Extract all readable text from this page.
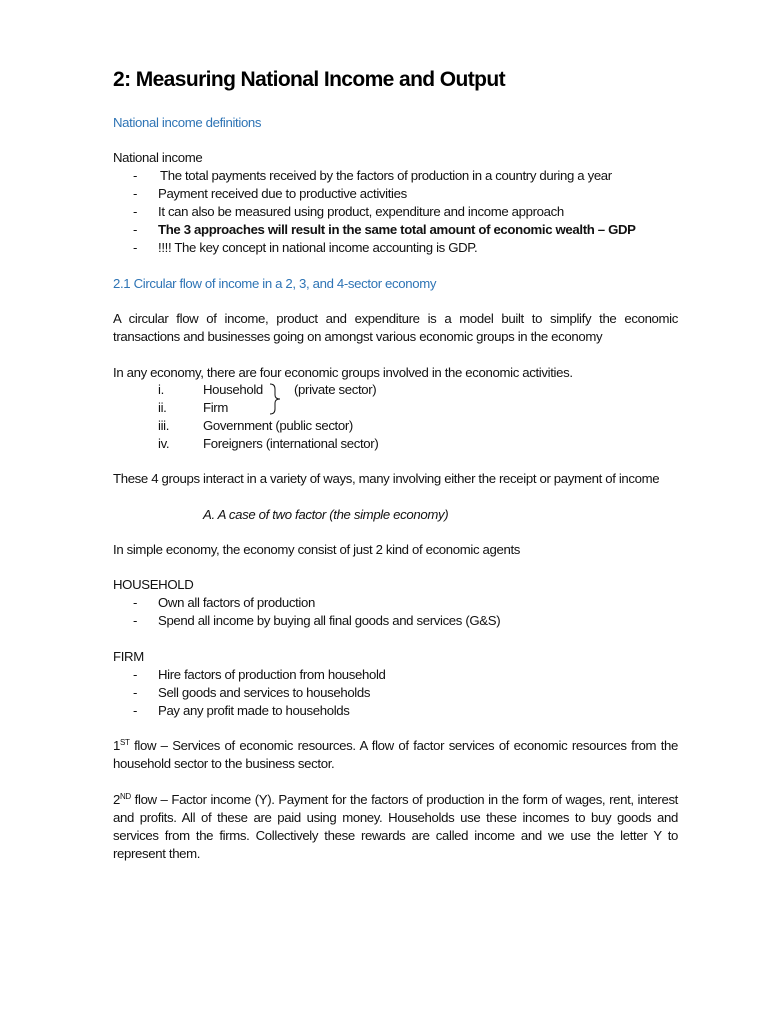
2: Measuring National Income and Output
National income definitions
National income
- The total payments received by the factors of production in a country during a year
- Payment received due to productive activities
- It can also be measured using product, expenditure and income approach
- The 3 approaches will result in the same total amount of economic wealth – GDP
- !!!! The key concept in national income accounting is GDP.
2.1 Circular flow of income in a 2, 3, and 4-sector economy
A circular flow of income, product and expenditure is a model built to simplify the economic
transactions and businesses going on amongst various economic groups in the economy
In any economy, there are four economic groups involved in the economic activities.
i.	Household
ii.	Firm
iii.	Government (public sector)
iv.	Foreigners (international sector)
(private sector)
These 4 groups interact in a variety of ways, many involving either the receipt or payment of income
A. A case of two factor (the simple economy)
In simple economy, the economy consist of just 2 kind of economic agents
HOUSEHOLD
- Own all factors of production
- Spend all income by buying all final goods and services (G&S)
FIRM
- Hire factors of production from household
- Sell goods and services to households
- Pay any profit made to households
1ST flow – Services of economic resources. A flow of factor services of economic resources from the
household sector to the business sector.
2ND flow – Factor income (Y). Payment for the factors of production in the form of wages, rent, interest
and profits. All of these are paid using money. Households use these incomes to buy goods and
services from the firms. Collectively these rewards are called income and we use the letter Y to
represent them.
